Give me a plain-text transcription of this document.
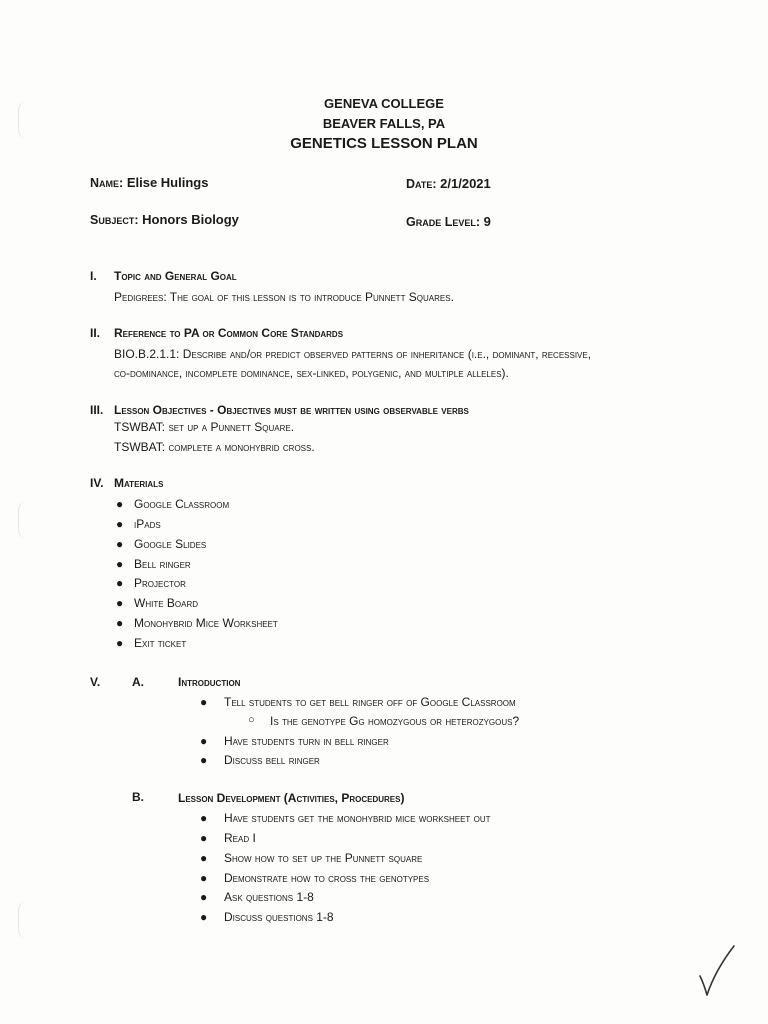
GENEVA COLLEGE
BEAVER FALLS, PA
GENETICS LESSON PLAN
Name: Elise Hulings	Date: 2/1/2021
Subject: Honors Biology	Grade Level: 9
I. Topic and General Goal
Pedigrees: The goal of this lesson is to introduce Punnett Squares.
II. Reference to PA or Common Core Standards
BIO.B.2.1.1: Describe and/or predict observed patterns of inheritance (i.e., dominant, recessive,
co-dominance, incomplete dominance, sex-linked, polygenic, and multiple alleles).
III. Lesson Objectives - Objectives must be written using observable verbs
TSWBAT: set up a Punnett Square.
TSWBAT: complete a monohybrid cross.
IV. Materials
● Google Classroom
● iPads
● Google Slides
● Bell ringer
● Projector
● White Board
● Monohybrid Mice Worksheet
● Exit ticket
V.	A.	Introduction
● Tell students to get bell ringer off of Google Classroom
○ Is the genotype Gg homozygous or heterozygous?
● Have students turn in bell ringer
● Discuss bell ringer
B.	Lesson Development (Activities, Procedures)
● Have students get the monohybrid mice worksheet out
● Read I
● Show how to set up the Punnett square
● Demonstrate how to cross the genotypes
● Ask questions 1-8
● Discuss questions 1-8
